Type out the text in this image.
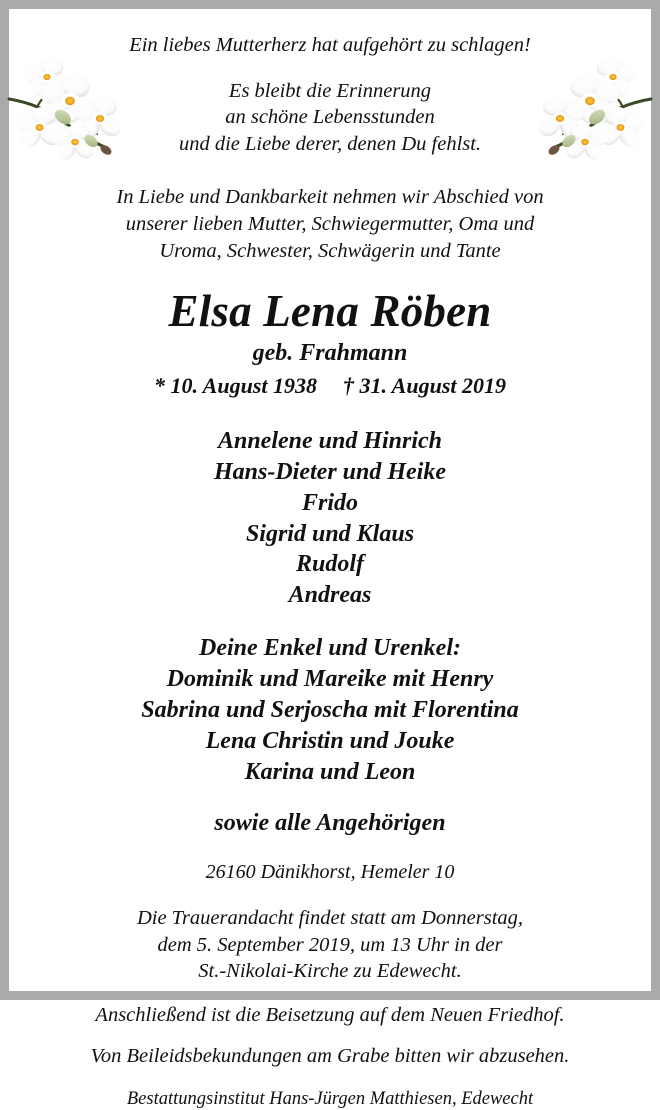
Ein liebes Mutterherz hat aufgehört zu schlagen!

Es bleibt die Erinnerung

an schöne Lebensstunden

und die Liebe derer, denen Du fehlst.

In Liebe und Dankbarkeit nehmen wir Abschied von

unserer lieben Mutter, Schwiegermutter, Oma und

Uroma, Schwester, Schwägerin und Tante

Elsa Lena Röben

geb. Frahmann

* 10. August 1938 † 31. August 2019

Annelene und Hinrich

Hans-Dieter und Heike

Frido

Sigrid und Klaus

Rudolf

Andreas

Deine Enkel und Urenkel:

Dominik und Mareike mit Henry

Sabrina und Serjoscha mit Florentina

Lena Christin und Jouke

Karina und Leon

sowie alle Angehörigen

26160 Dänikhorst, Hemeler 10

Die Trauerandacht findet statt am Donnerstag,

dem 5. September 2019, um 13 Uhr in der

St.-Nikolai-Kirche zu Edewecht.

Anschließend ist die Beisetzung auf dem Neuen Friedhof.

Von Beileidsbekundungen am Grabe bitten wir abzusehen.

Bestattungsinstitut Hans-Jürgen Matthiesen, Edewecht
